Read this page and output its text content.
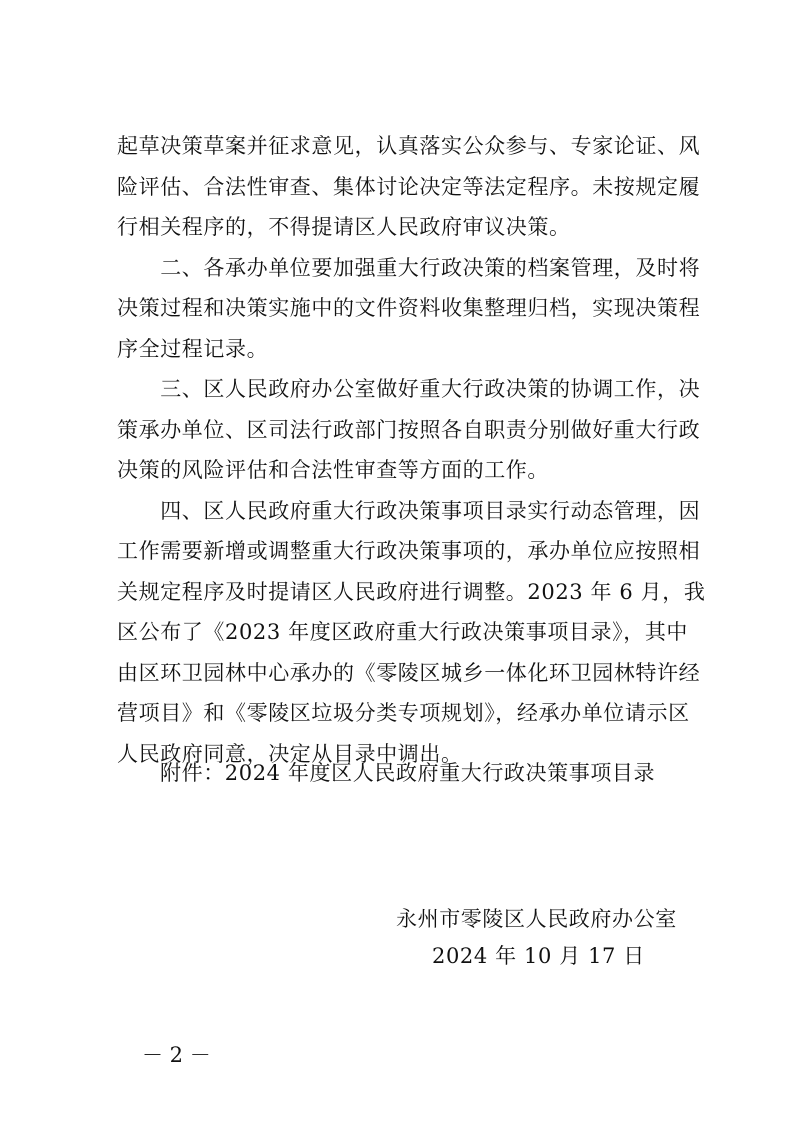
起草决策草案并征求意见，认真落实公众参与、专家论证、风
险评估、合法性审查、集体讨论决定等法定程序。未按规定履
行相关程序的，不得提请区人民政府审议决策。
　　二、各承办单位要加强重大行政决策的档案管理，及时将
决策过程和决策实施中的文件资料收集整理归档，实现决策程
序全过程记录。
　　三、区人民政府办公室做好重大行政决策的协调工作，决
策承办单位、区司法行政部门按照各自职责分别做好重大行政
决策的风险评估和合法性审查等方面的工作。
　　四、区人民政府重大行政决策事项目录实行动态管理，因
工作需要新增或调整重大行政决策事项的，承办单位应按照相
关规定程序及时提请区人民政府进行调整。2023 年 6 月，我
区公布了《2023 年度区政府重大行政决策事项目录》，其中
由区环卫园林中心承办的《零陵区城乡一体化环卫园林特许经
营项目》和《零陵区垃圾分类专项规划》，经承办单位请示区
人民政府同意，决定从目录中调出。
附件：2024 年度区人民政府重大行政决策事项目录
永州市零陵区人民政府办公室
2024 年 10 月 17 日
－ 2 －
